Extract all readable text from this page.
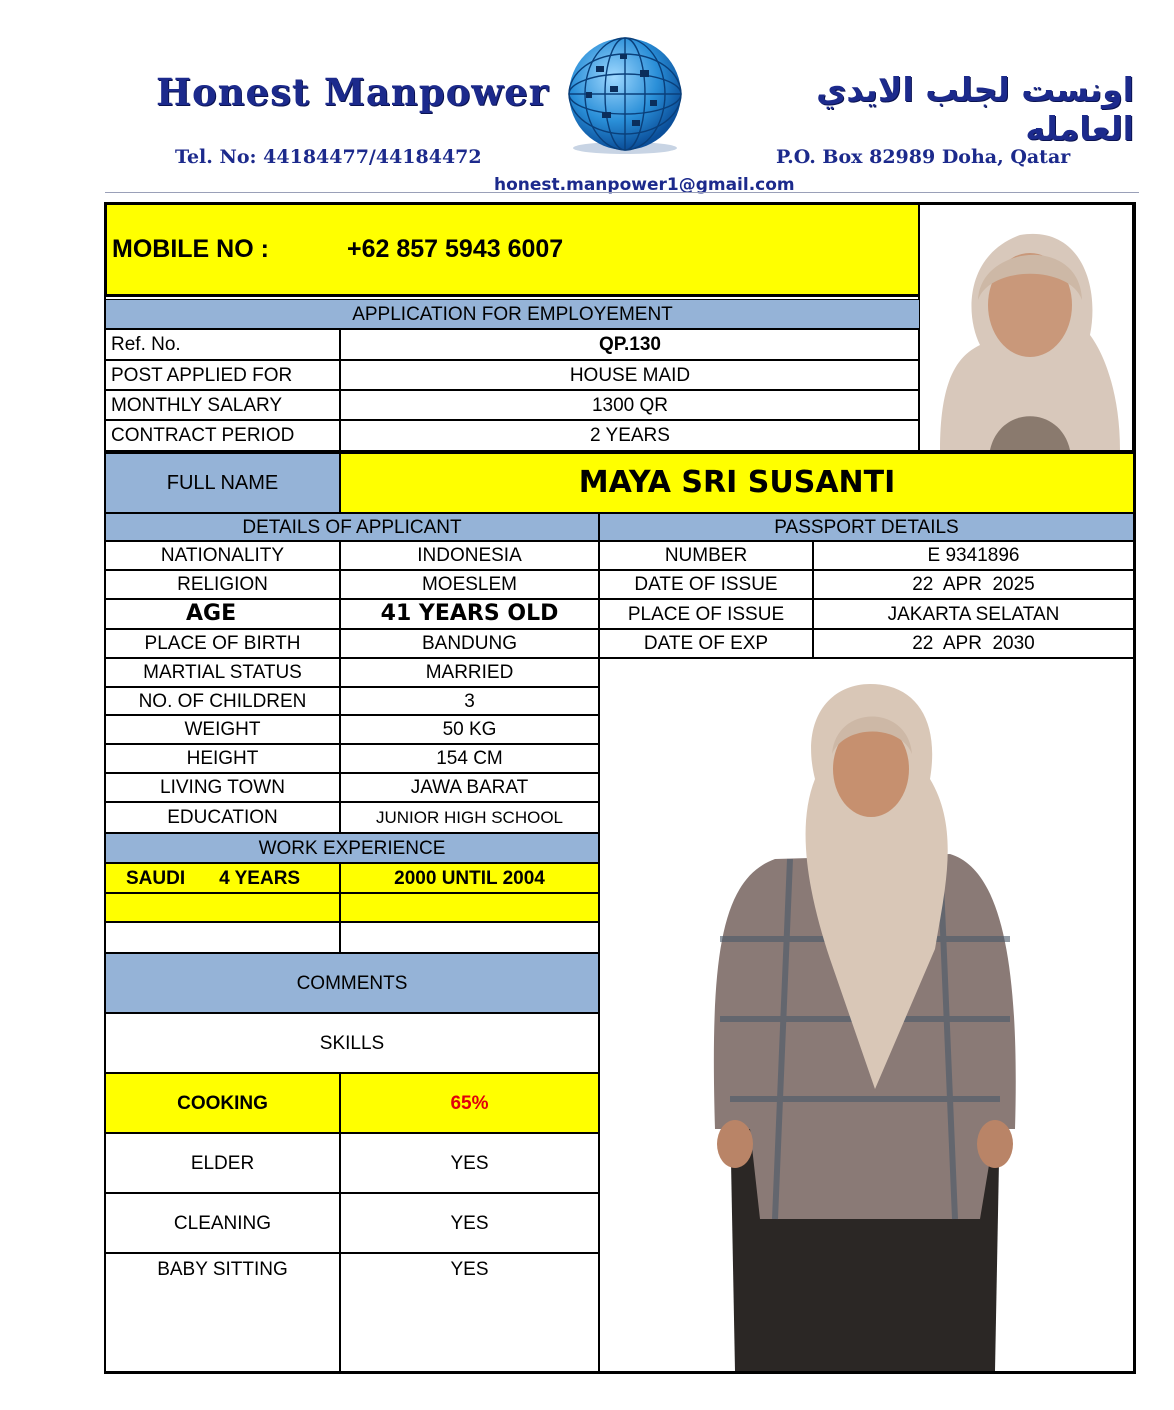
Honest Manpower	اونست لجلب الايدي العامله
Tel. No: 44184477/44184472	P.O. Box 82989 Doha, Qatar
honest.manpower1@gmail.com
MOBILE NO :	+62 857 5943 6007
APPLICATION FOR EMPLOYEMENT
Ref. No.	QP.130
POST APPLIED FOR	HOUSE MAID
MONTHLY SALARY	1300 QR
CONTRACT PERIOD	2 YEARS
FULL NAME	MAYA SRI SUSANTI
DETAILS OF APPLICANT	PASSPORT DETAILS
NATIONALITY	INDONESIA
RELIGION	MOESLEM
AGE	41 YEARS OLD
PLACE OF BIRTH	BANDUNG
MARTIAL STATUS	MARRIED
NO. OF CHILDREN	3
WEIGHT	50 KG
HEIGHT	154 CM
LIVING TOWN	JAWA BARAT
EDUCATION	JUNIOR HIGH SCHOOL
NUMBER	E 9341896
DATE OF ISSUE	22  APR  2025
PLACE OF ISSUE	JAKARTA SELATAN
DATE OF EXP	22  APR  2030
WORK EXPERIENCE
SAUDI	4 YEARS	2000 UNTIL 2004
COMMENTS
SKILLS
COOKING	65%
ELDER	YES
CLEANING	YES
BABY SITTING	YES
